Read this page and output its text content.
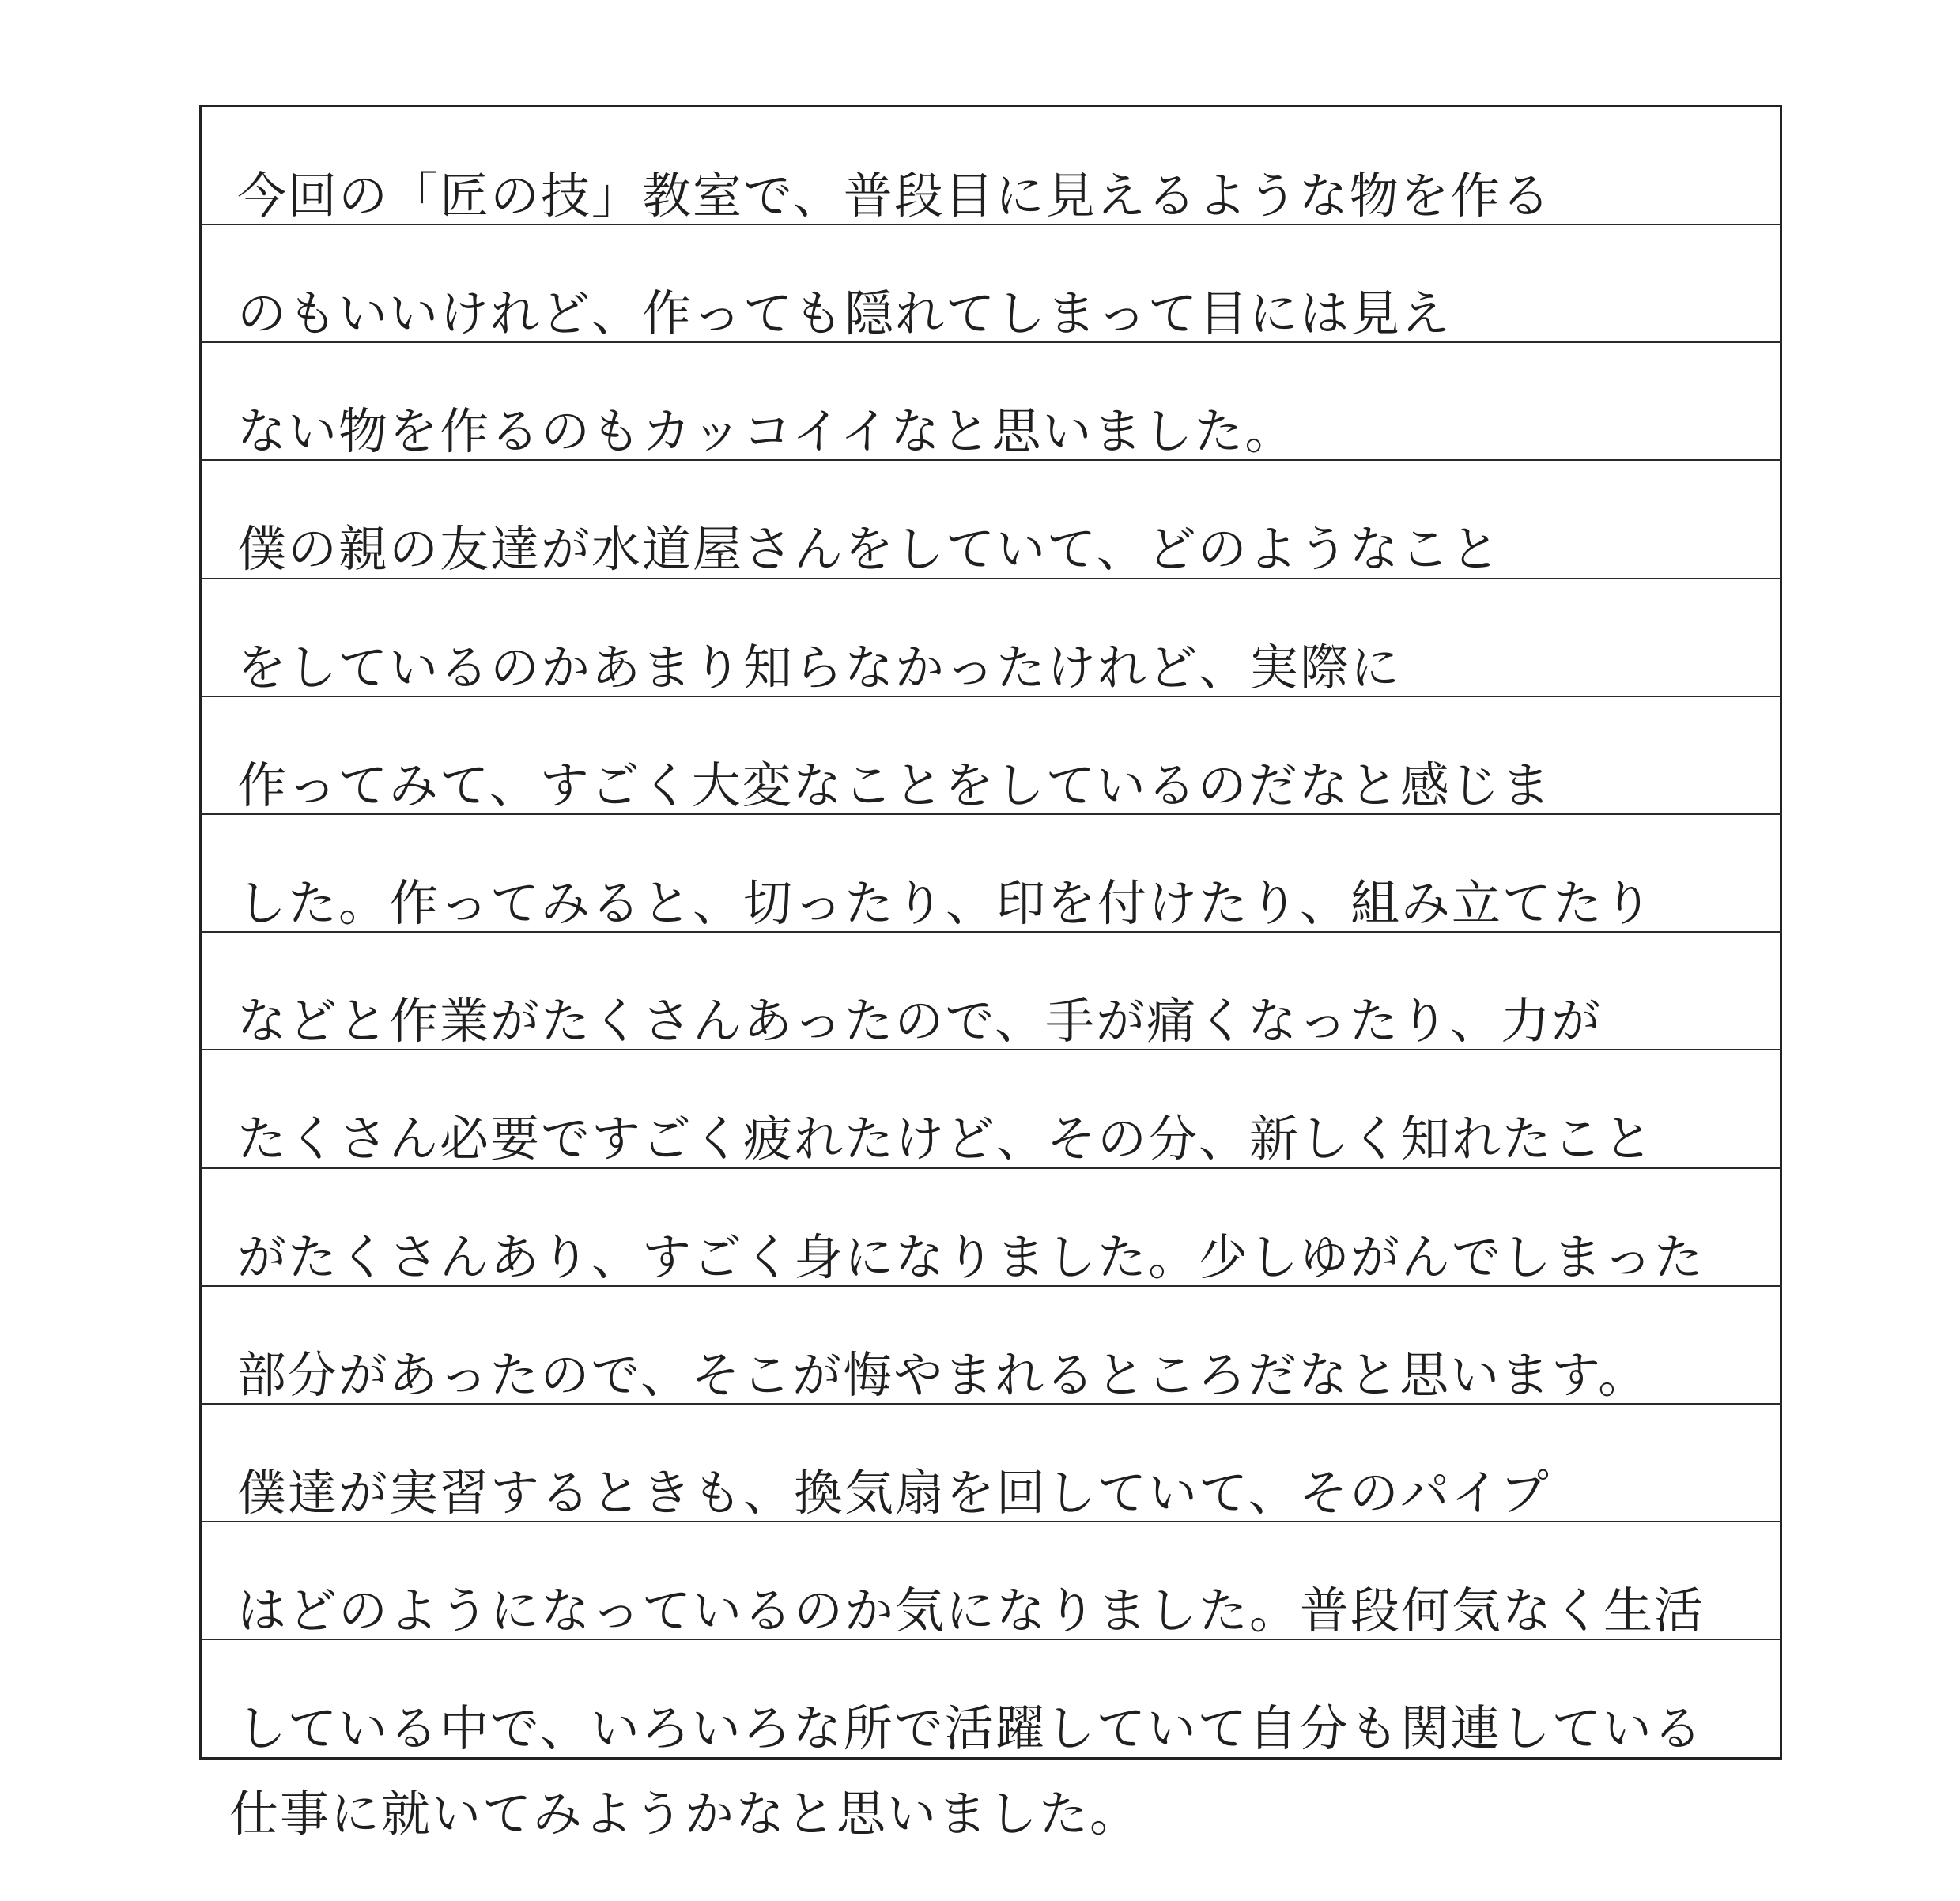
今回の「匠の技」教室で、普段目に見えるような物を作る
のもいいけれど、作っても隠れてしまって目には見え
ない物を作るのもカッコイイなと思いました。
僕の親の友達が水道屋さんをしていて、どのようなこと
をしているのかあまり知らなかったけれど、実際に
作ってみて、すごく大変なことをしているのだなと感じま
した。作ってみると、切ったり、印を付けたり、組み立てたり
などと作業がたくさんあったので、手が痛くなったり、力が
たくさん必要ですごく疲れたけど、その分、新しく知れたこと
がたくさんあり、すごく身になりました。少しゆがんでしまった
部分があったので、そこが悔やまれるところだなと思います。
僕達が実習するときも、換気扇を回していて、そのパイプ
はどのようになっているのか気になりました。普段何気なく生活
している中で、いろいろな所で活躍していて自分も関連している
仕事に就いてみようかなと思いました。
